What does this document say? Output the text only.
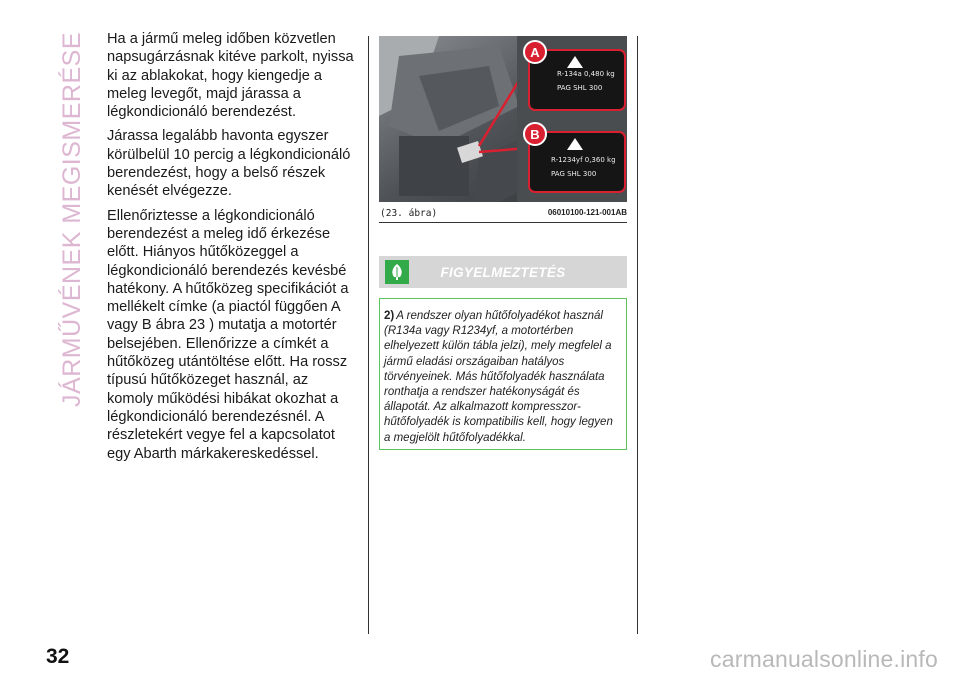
JÁRMŰVÉNEK MEGISMERÉSE
32

Ha a jármű meleg időben közvetlen napsugárzásnak kitéve parkolt, nyissa ki az ablakokat, hogy kiengedje a meleg levegőt, majd járassa a légkondicionáló berendezést.

Járassa legalább havonta egyszer körülbelül 10 percig a légkondicionáló berendezést, hogy a belső részek kenését elvégezze.

Ellenőriztesse a légkondicionáló berendezést a meleg idő érkezése előtt. Hiányos hűtőközeggel a légkondicionáló berendezés kevésbé hatékony. A hűtőközeg specifikációt a mellékelt címke (a piactól függően A vagy B ábra 23 ) mutatja a motortér belsejében. Ellenőrizze a címkét a hűtőközeg utántöltése előtt. Ha rossz típusú hűtőközeget használ, az komoly működési hibákat okozhat a légkondicionáló berendezésnél. A részletekért vegye fel a kapcsolatot egy Abarth márkakereskedéssel.

R-134a 0,480 kg
PAG SHL 300
R-1234yf 0,360 kg
PAG SHL 300
A
B
(23. ábra)	06010100-121-001AB
FIGYELMEZTETÉS
2) A rendszer olyan hűtőfolyadékot használ (R134a vagy R1234yf, a motortérben elhelyezett külön tábla jelzi), mely megfelel a jármű eladási országaiban hatályos törvényeinek. Más hűtőfolyadék használata ronthatja a rendszer hatékonyságát és állapotát. Az alkalmazott kompresszor-hűtőfolyadék is kompatibilis kell, hogy legyen a megjelölt hűtőfolyadékkal.
carmanualsonline.info
